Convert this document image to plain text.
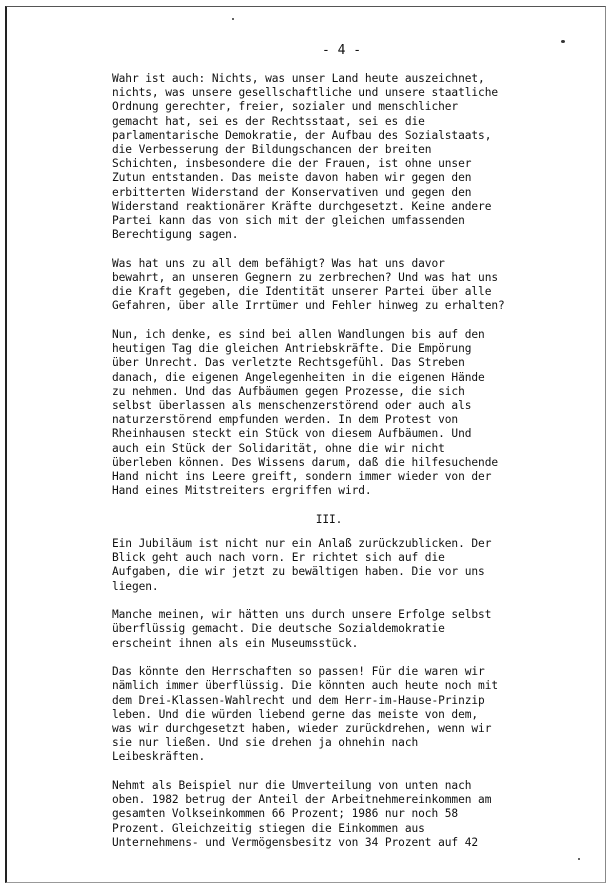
- 4 -
Wahr ist auch: Nichts, was unser Land heute auszeichnet,
nichts, was unsere gesellschaftliche und unsere staatliche
Ordnung gerechter, freier, sozialer und menschlicher
gemacht hat, sei es der Rechtsstaat, sei es die
parlamentarische Demokratie, der Aufbau des Sozialstaats,
die Verbesserung der Bildungschancen der breiten
Schichten, insbesondere die der Frauen, ist ohne unser
Zutun entstanden. Das meiste davon haben wir gegen den
erbitterten Widerstand der Konservativen und gegen den
Widerstand reaktionärer Kräfte durchgesetzt. Keine andere
Partei kann das von sich mit der gleichen umfassenden
Berechtigung sagen.
Was hat uns zu all dem befähigt? Was hat uns davor
bewahrt, an unseren Gegnern zu zerbrechen? Und was hat uns
die Kraft gegeben, die Identität unserer Partei über alle
Gefahren, über alle Irrtümer und Fehler hinweg zu erhalten?
Nun, ich denke, es sind bei allen Wandlungen bis auf den
heutigen Tag die gleichen Antriebskräfte. Die Empörung
über Unrecht. Das verletzte Rechtsgefühl. Das Streben
danach, die eigenen Angelegenheiten in die eigenen Hände
zu nehmen. Und das Aufbäumen gegen Prozesse, die sich
selbst überlassen als menschenzerstörend oder auch als
naturzerstörend empfunden werden. In dem Protest von
Rheinhausen steckt ein Stück von diesem Aufbäumen. Und
auch ein Stück der Solidarität, ohne die wir nicht
überleben können. Des Wissens darum, daß die hilfesuchende
Hand nicht ins Leere greift, sondern immer wieder von der
Hand eines Mitstreiters ergriffen wird.
III.
Ein Jubiläum ist nicht nur ein Anlaß zurückzublicken. Der
Blick geht auch nach vorn. Er richtet sich auf die
Aufgaben, die wir jetzt zu bewältigen haben. Die vor uns
liegen.
Manche meinen, wir hätten uns durch unsere Erfolge selbst
überflüssig gemacht. Die deutsche Sozialdemokratie
erscheint ihnen als ein Museumsstück.
Das könnte den Herrschaften so passen! Für die waren wir
nämlich immer überflüssig. Die könnten auch heute noch mit
dem Drei-Klassen-Wahlrecht und dem Herr-im-Hause-Prinzip
leben. Und die würden liebend gerne das meiste von dem,
was wir durchgesetzt haben, wieder zurückdrehen, wenn wir
sie nur ließen. Und sie drehen ja ohnehin nach
Leibeskräften.
Nehmt als Beispiel nur die Umverteilung von unten nach
oben. 1982 betrug der Anteil der Arbeitnehmereinkommen am
gesamten Volkseinkommen 66 Prozent; 1986 nur noch 58
Prozent. Gleichzeitig stiegen die Einkommen aus
Unternehmens- und Vermögensbesitz von 34 Prozent auf 42
